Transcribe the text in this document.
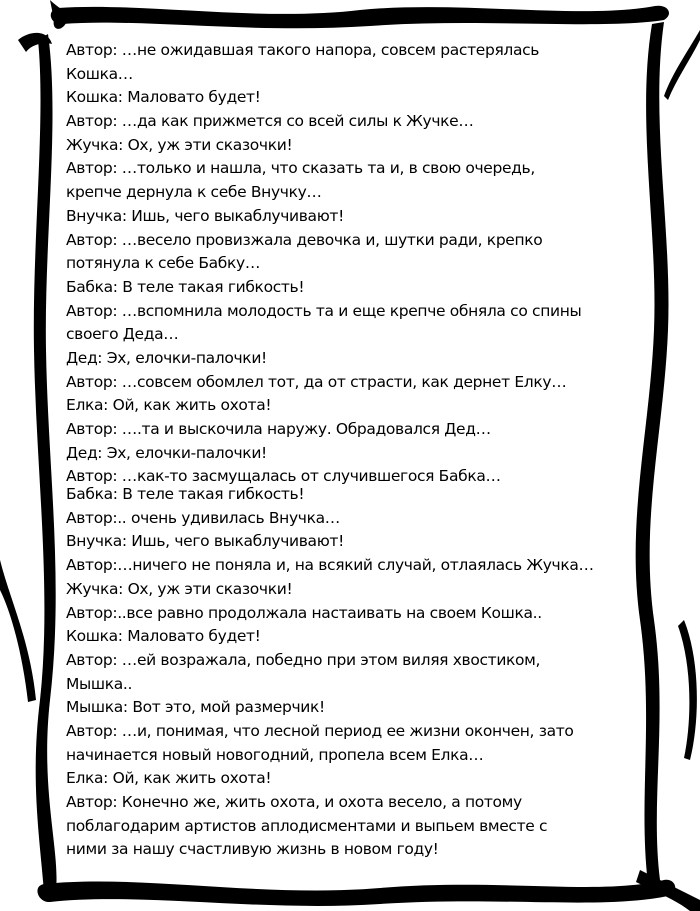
Автор: …не ожидавшая такого напора, совсем растерялась
Кошка…
Кошка: Маловато будет!
Автор: …да как прижмется со всей силы к Жучке…
Жучка: Ох, уж эти сказочки!
Автор: …только и нашла, что сказать та и, в свою очередь,
крепче дернула к себе Внучку…
Внучка: Ишь, чего выкаблучивают!
Автор: …весело провизжала девочка и, шутки ради, крепко
потянула к себе Бабку…
Бабка: В теле такая гибкость!
Автор: …вспомнила молодость та и еще крепче обняла со спины
своего Деда…
Дед: Эх, елочки-палочки!
Автор: …совсем обомлел тот, да от страсти, как дернет Елку…
Елка: Ой, как жить охота!
Автор: ….та и выскочила наружу. Обрадовался Дед…
Дед: Эх, елочки-палочки!
Автор: …как-то засмущалась от случившегося Бабка…
Бабка: В теле такая гибкость!
Автор:.. очень удивилась Внучка…
Внучка: Ишь, чего выкаблучивают!
Автор:…ничего не поняла и, на всякий случай, отлаялась Жучка…
Жучка: Ох, уж эти сказочки!
Автор:..все равно продолжала настаивать на своем Кошка..
Кошка: Маловато будет!
Автор: …ей возражала, победно при этом виляя хвостиком,
Мышка..
Мышка: Вот это, мой размерчик!
Автор: …и, понимая, что лесной период ее жизни окончен, зато
начинается новый новогодний, пропела всем Елка…
Елка: Ой, как жить охота!
Автор: Конечно же, жить охота, и охота весело, а потому
поблагодарим артистов аплодисментами и выпьем вместе с
ними за нашу счастливую жизнь в новом году!
